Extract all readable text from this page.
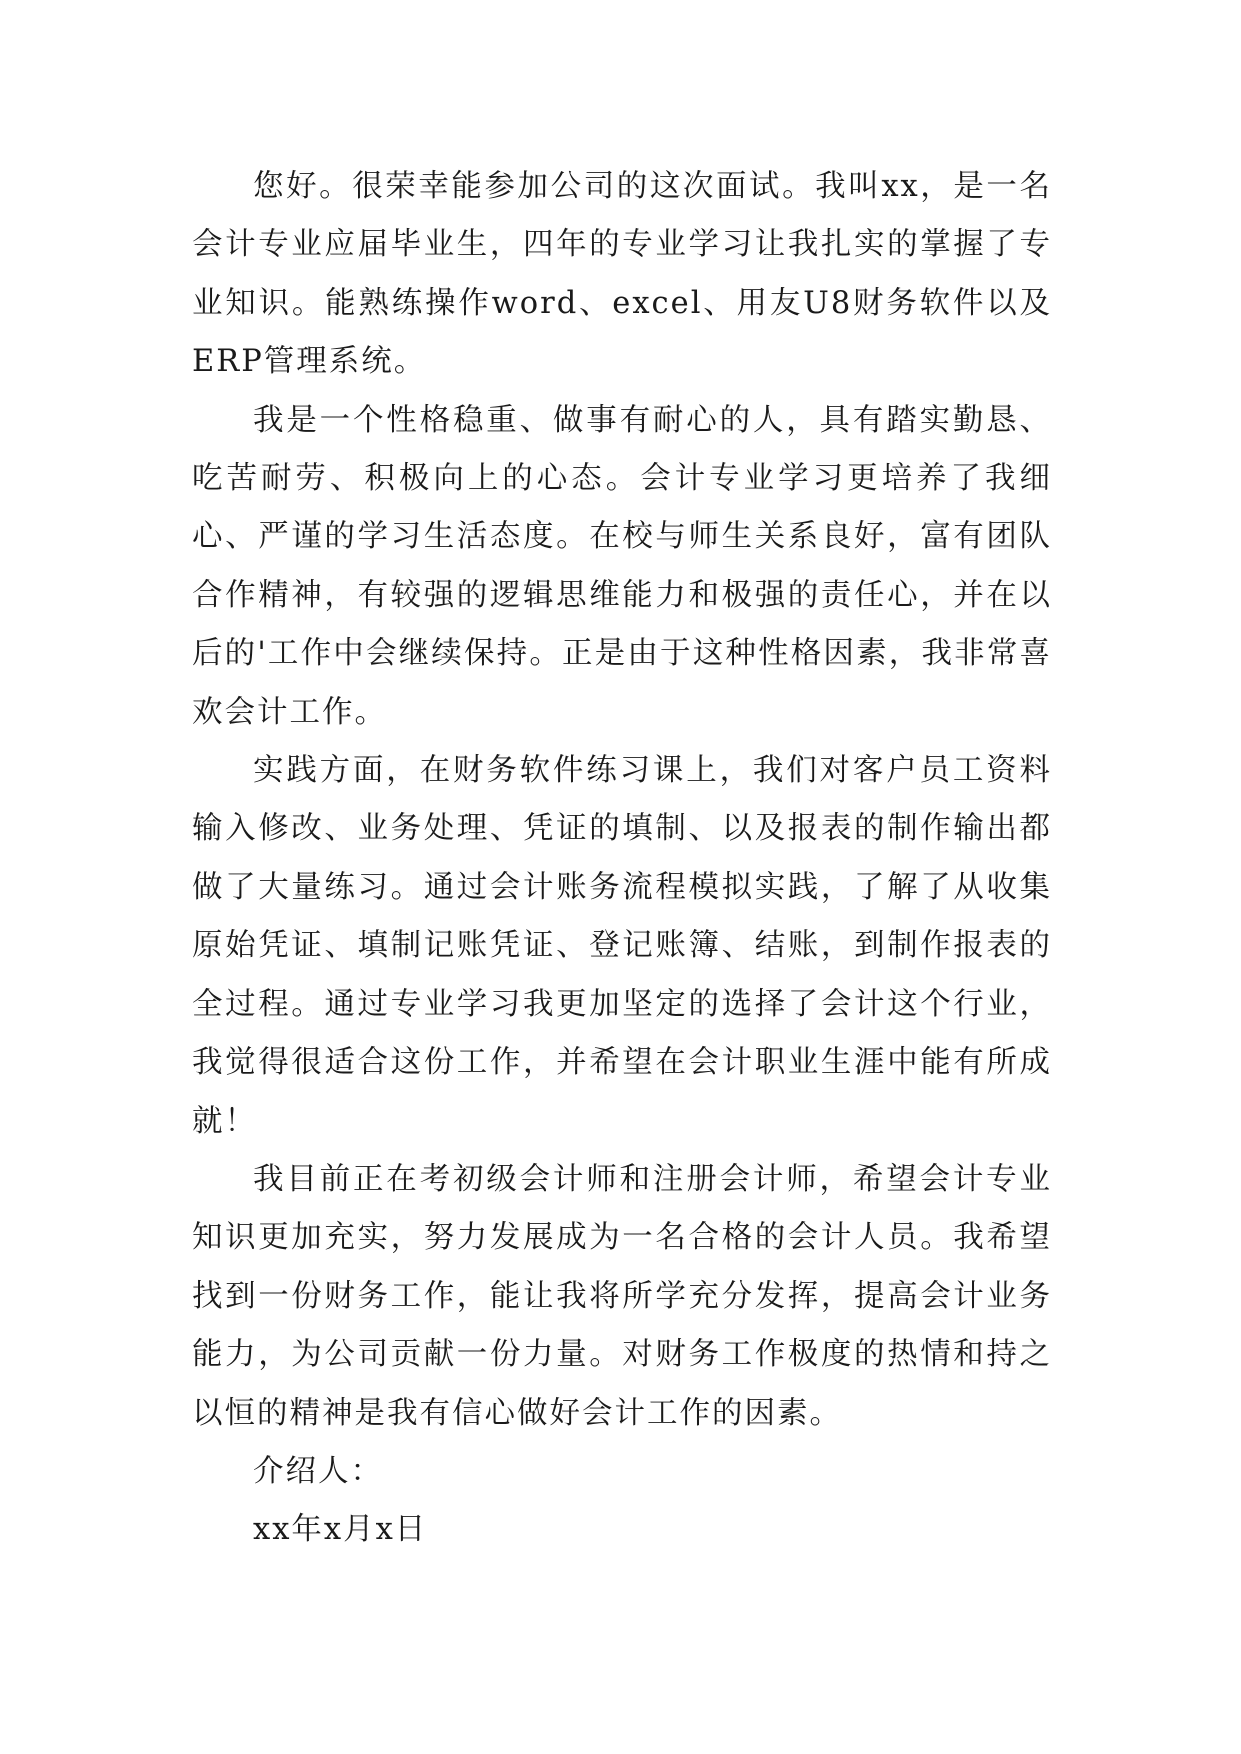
您好。很荣幸能参加公司的这次面试。我叫xx，是一名会计专业应届毕业生，四年的专业学习让我扎实的掌握了专业知识。能熟练操作word、excel、用友U8财务软件以及ERP管理系统。

我是一个性格稳重、做事有耐心的人，具有踏实勤恳、吃苦耐劳、积极向上的心态。会计专业学习更培养了我细心、严谨的学习生活态度。在校与师生关系良好，富有团队合作精神，有较强的逻辑思维能力和极强的责任心，并在以后的'工作中会继续保持。正是由于这种性格因素，我非常喜欢会计工作。

实践方面，在财务软件练习课上，我们对客户员工资料输入修改、业务处理、凭证的填制、以及报表的制作输出都做了大量练习。通过会计账务流程模拟实践，了解了从收集原始凭证、填制记账凭证、登记账簿、结账，到制作报表的全过程。通过专业学习我更加坚定的选择了会计这个行业，我觉得很适合这份工作，并希望在会计职业生涯中能有所成就！

我目前正在考初级会计师和注册会计师，希望会计专业知识更加充实，努力发展成为一名合格的会计人员。我希望找到一份财务工作，能让我将所学充分发挥，提高会计业务能力，为公司贡献一份力量。对财务工作极度的热情和持之以恒的精神是我有信心做好会计工作的因素。

介绍人：

xx年x月x日
